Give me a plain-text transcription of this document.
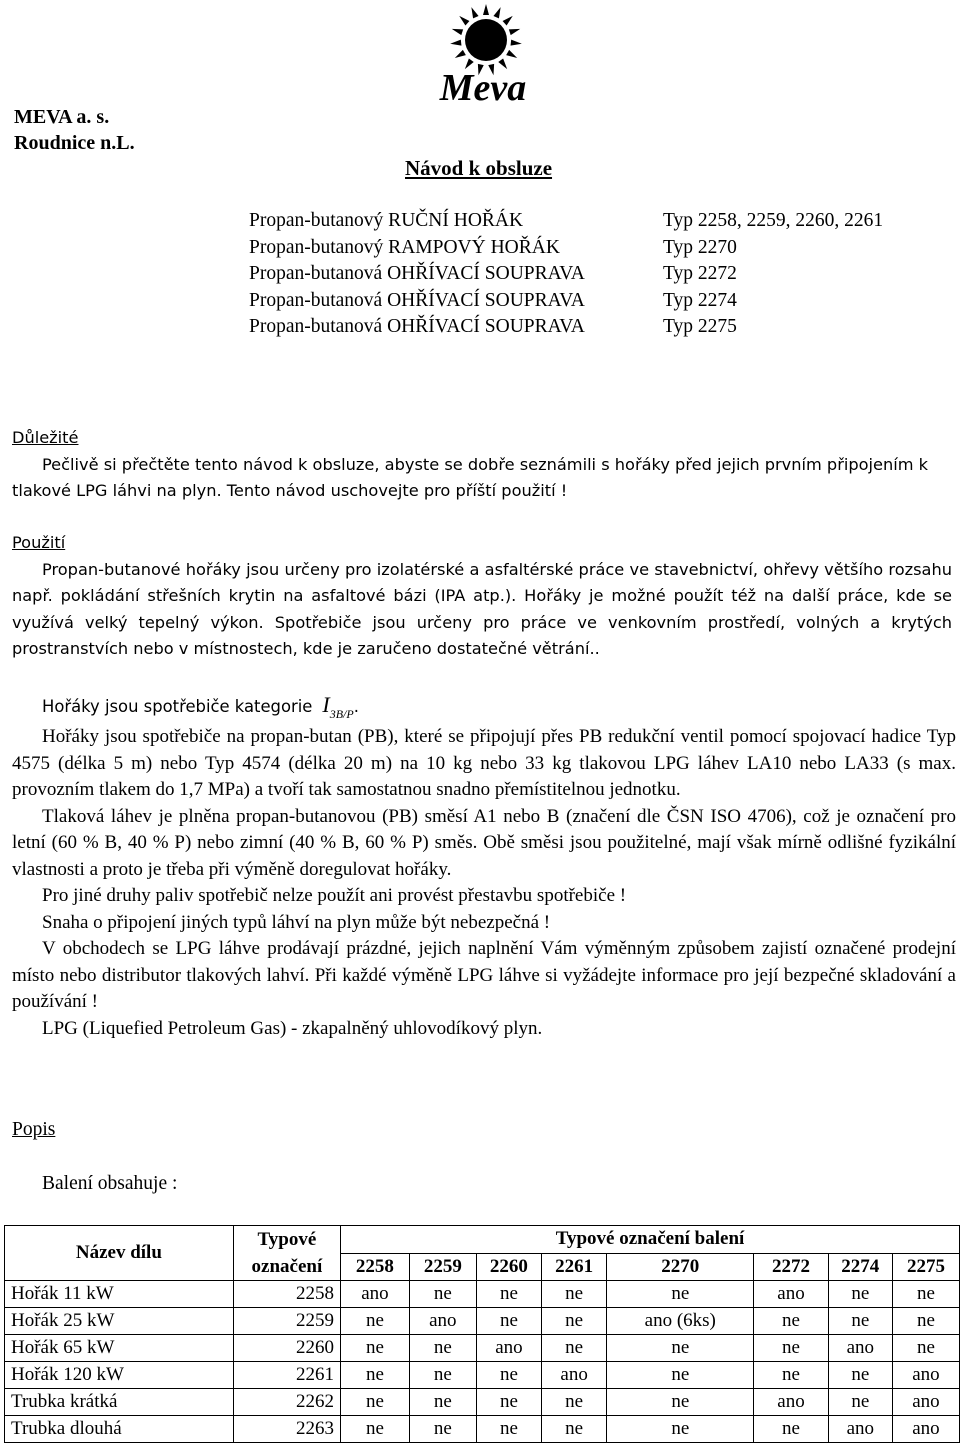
Meva
MEVA a. s.
Roudnice n.L.
Návod k obsluze
Propan-butanový RUČNÍ HOŘÁK	Typ 2258, 2259, 2260, 2261
Propan-butanový RAMPOVÝ HOŘÁK	Typ 2270
Propan-butanová OHŘÍVACÍ SOUPRAVA	Typ 2272
Propan-butanová OHŘÍVACÍ SOUPRAVA	Typ 2274
Propan-butanová OHŘÍVACÍ SOUPRAVA	Typ 2275
Důležité
Pečlivě si přečtěte tento návod k obsluze, abyste se dobře seznámili s hořáky před jejich prvním připojením k tlakové LPG láhvi na plyn. Tento návod uschovejte pro příští použití !
Použití
Propan-butanové hořáky jsou určeny pro izolatérské a asfaltérské práce ve stavebnictví, ohřevy většího rozsahu např. pokládání střešních krytin na asfaltové bázi (IPA atp.). Hořáky je možné použít též na další práce, kde se využívá velký tepelný výkon. Spotřebiče jsou určeny pro práce ve venkovním prostředí, volných a krytých prostranstvích nebo v místnostech, kde je zaručeno dostatečné větrání..
Hořáky jsou spotřebiče kategorie $I_{3B/P}$.
Hořáky jsou spotřebiče na propan-butan (PB), které se připojují přes PB redukční ventil pomocí spojovací hadice Typ 4575 (délka 5 m) nebo Typ 4574 (délka 20 m) na 10 kg nebo 33 kg tlakovou LPG láhev LA10 nebo LA33 (s max. provozním tlakem do 1,7 MPa) a tvoří tak samostatnou snadno přemístitelnou jednotku.
Tlaková láhev je plněna propan-butanovou (PB) směsí A1 nebo B (značení dle ČSN ISO 4706), což je označení pro letní (60 % B, 40 % P) nebo zimní (40 % B, 60 % P) směs. Obě směsi jsou použitelné, mají však mírně odlišné fyzikální vlastnosti a proto je třeba při výměně doregulovat hořáky.
Pro jiné druhy paliv spotřebič nelze použít ani provést přestavbu spotřebiče !
Snaha o připojení jiných typů láhví na plyn může být nebezpečná !
V obchodech se LPG láhve prodávají prázdné, jejich naplnění Vám výměnným způsobem zajistí označené prodejní místo nebo distributor tlakových lahví. Při každé výměně LPG láhve si vyžádejte informace pro její bezpečné skladování a používání !
LPG (Liquefied Petroleum Gas) - zkapalněný uhlovodíkový plyn.
Popis
Balení obsahuje :
Název dílu	Typové označení	Typové označení balení							
		2258	2259	2260	2261	2270	2272	2274	2275
Hořák 11 kW	2258	ano	ne	ne	ne	ne	ano	ne	ne
Hořák 25 kW	2259	ne	ano	ne	ne	ano (6ks)	ne	ne	ne
Hořák 65 kW	2260	ne	ne	ano	ne	ne	ne	ano	ne
Hořák 120 kW	2261	ne	ne	ne	ano	ne	ne	ne	ano
Trubka krátká	2262	ne	ne	ne	ne	ne	ano	ne	ano
Trubka dlouhá	2263	ne	ne	ne	ne	ne	ne	ano	ano
